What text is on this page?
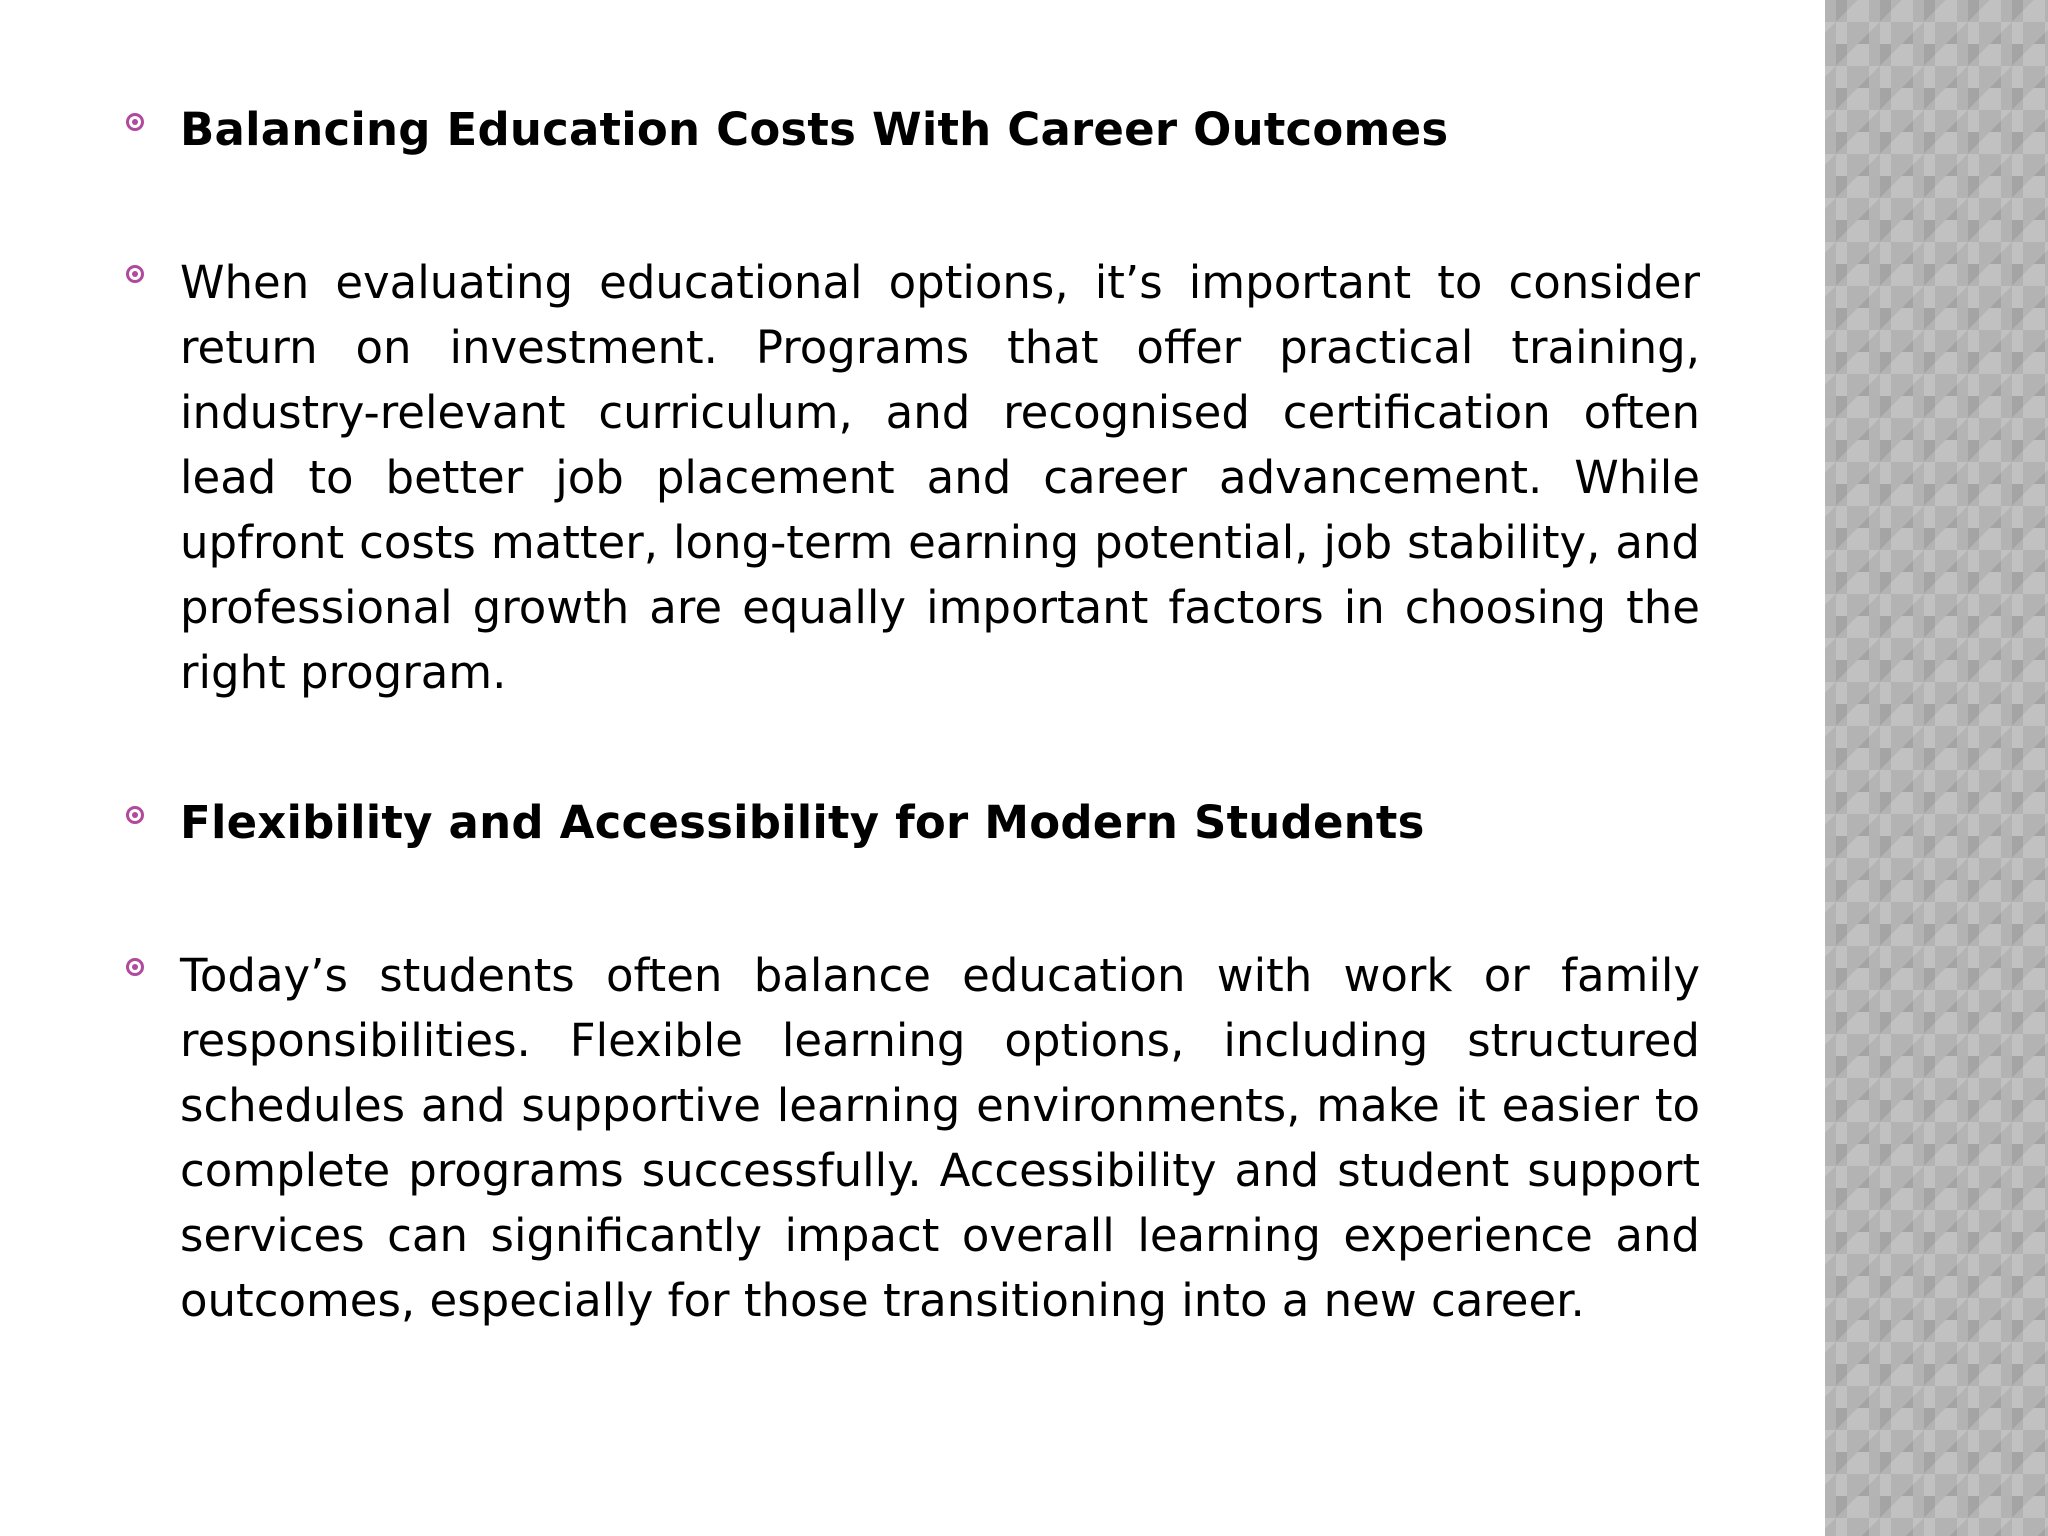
Balancing Education Costs With Career Outcomes
When evaluating educational options, it’s important to consider return on investment. Programs that offer practical training, industry-relevant curriculum, and recognised certification often lead to better job placement and career advancement. While upfront costs matter, long-term earning potential, job stability, and professional growth are equally important factors in choosing the right program.
Flexibility and Accessibility for Modern Students
Today’s students often balance education with work or family responsibilities. Flexible learning options, including structured schedules and supportive learning environments, make it easier to complete programs successfully. Accessibility and student support services can significantly impact overall learning experience and outcomes, especially for those transitioning into a new career.
